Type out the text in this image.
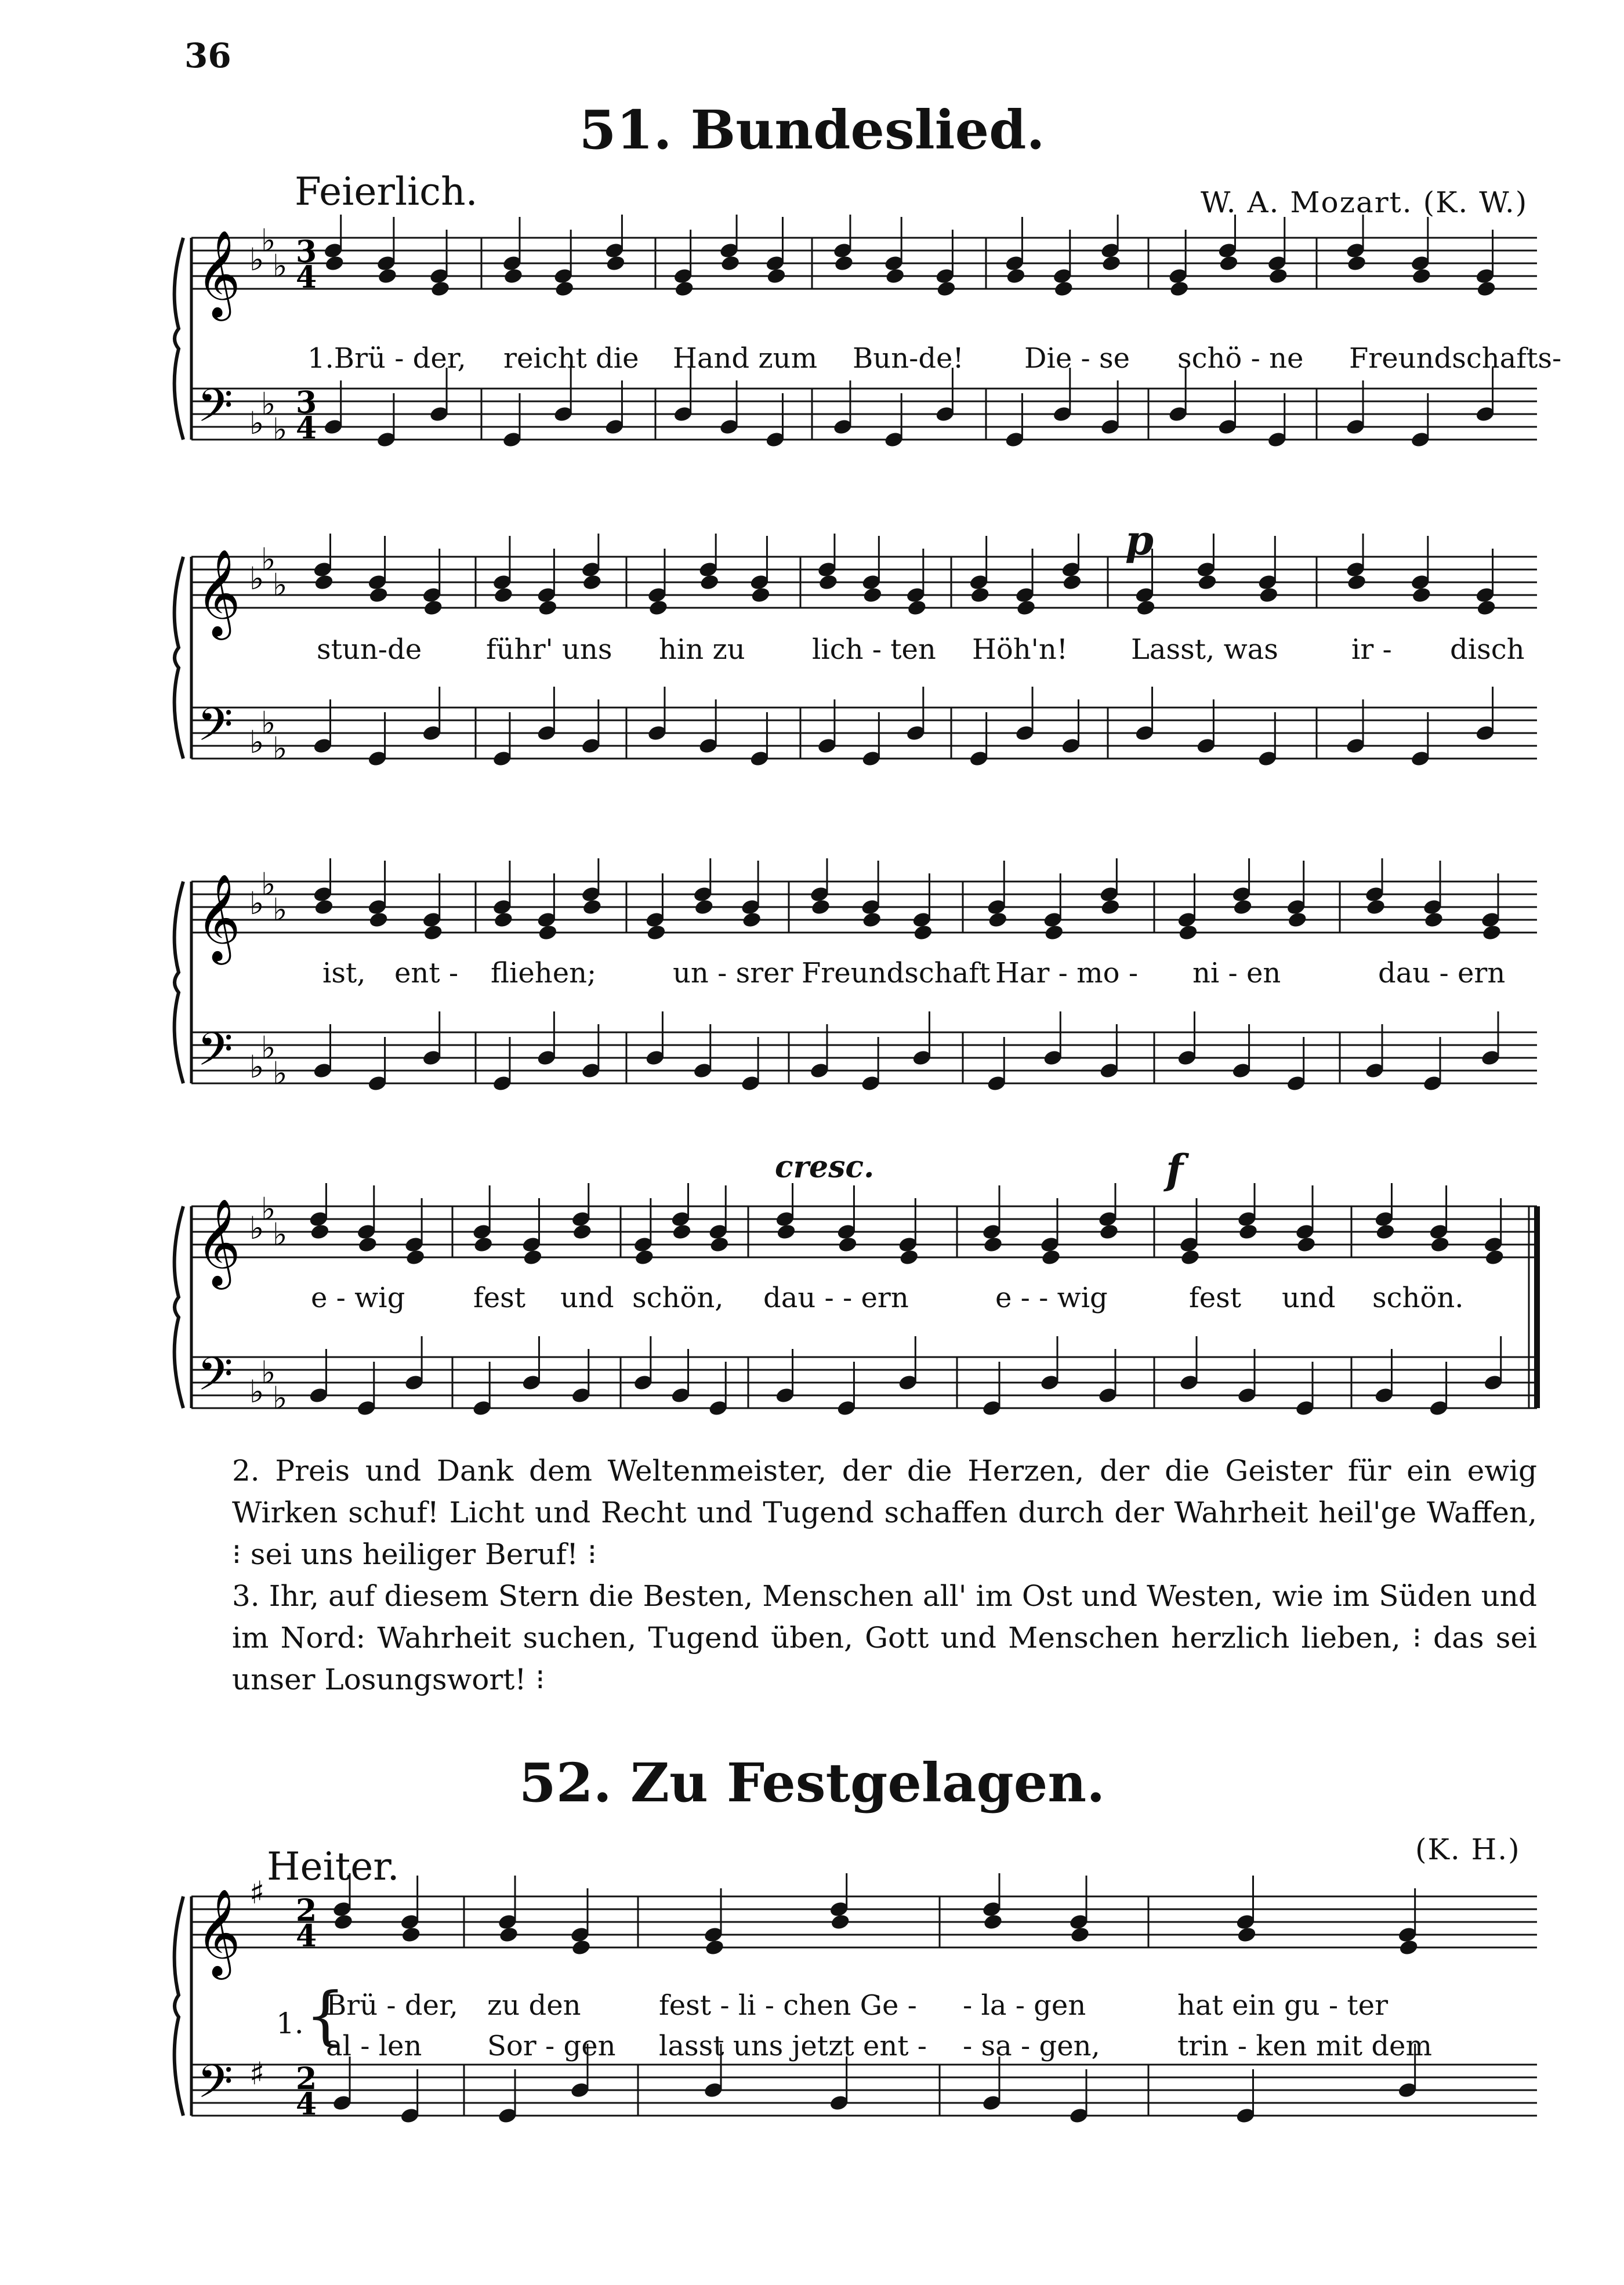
36
51. Bundeslied.
Feierlich.	W. A. Mozart. (K. W.)
𝄞
𝄢
♭
♭
♭
♭
♭
♭
3
4
3
4
𝄞
𝄢
♭
♭
♭
♭
♭
♭
𝄞
𝄢
♭
♭
♭
♭
♭
♭
𝄞
𝄢
♭
♭
♭
♭
♭
♭
p
cresc.	f
1.Brü - der, reicht die Hand zum Bun-de! Die - se schö - ne Freundschafts-
stun-de führ' uns hin zu lich - ten Höh'n! Lasst, was	ir - disch
ist, ent - fliehen;	un - srer Freundschaft Har - mo - ni - en	dau - ern
e - wig fest und schön, dau - - ern	e - - wig	fest und schön.

2. Preis und Dank dem Weltenmeister, der die Herzen, der die Geister für ein ewig Wirken schuf! Licht und Recht und Tugend schaffen durch der Wahrheit heil'ge Waffen, ⁝ sei uns heiliger Beruf! ⁝

3. Ihr, auf diesem Stern die Besten, Menschen all' im Ost und Westen, wie im Süden und im Nord: Wahrheit suchen, Tugend üben, Gott und Menschen herzlich lieben, ⁝ das sei unser Losungswort! ⁝

52. Zu Festgelagen.
Heiter.	(K. H.)
𝄞
𝄢
♯
♯
2
4
2
4
1. {
Brü - der, zu den	fest - li - chen Ge - - la - gen	hat ein gu - ter
al - len Sor - gen lasst uns jetzt ent - - sa - gen,	trin - ken mit dem
